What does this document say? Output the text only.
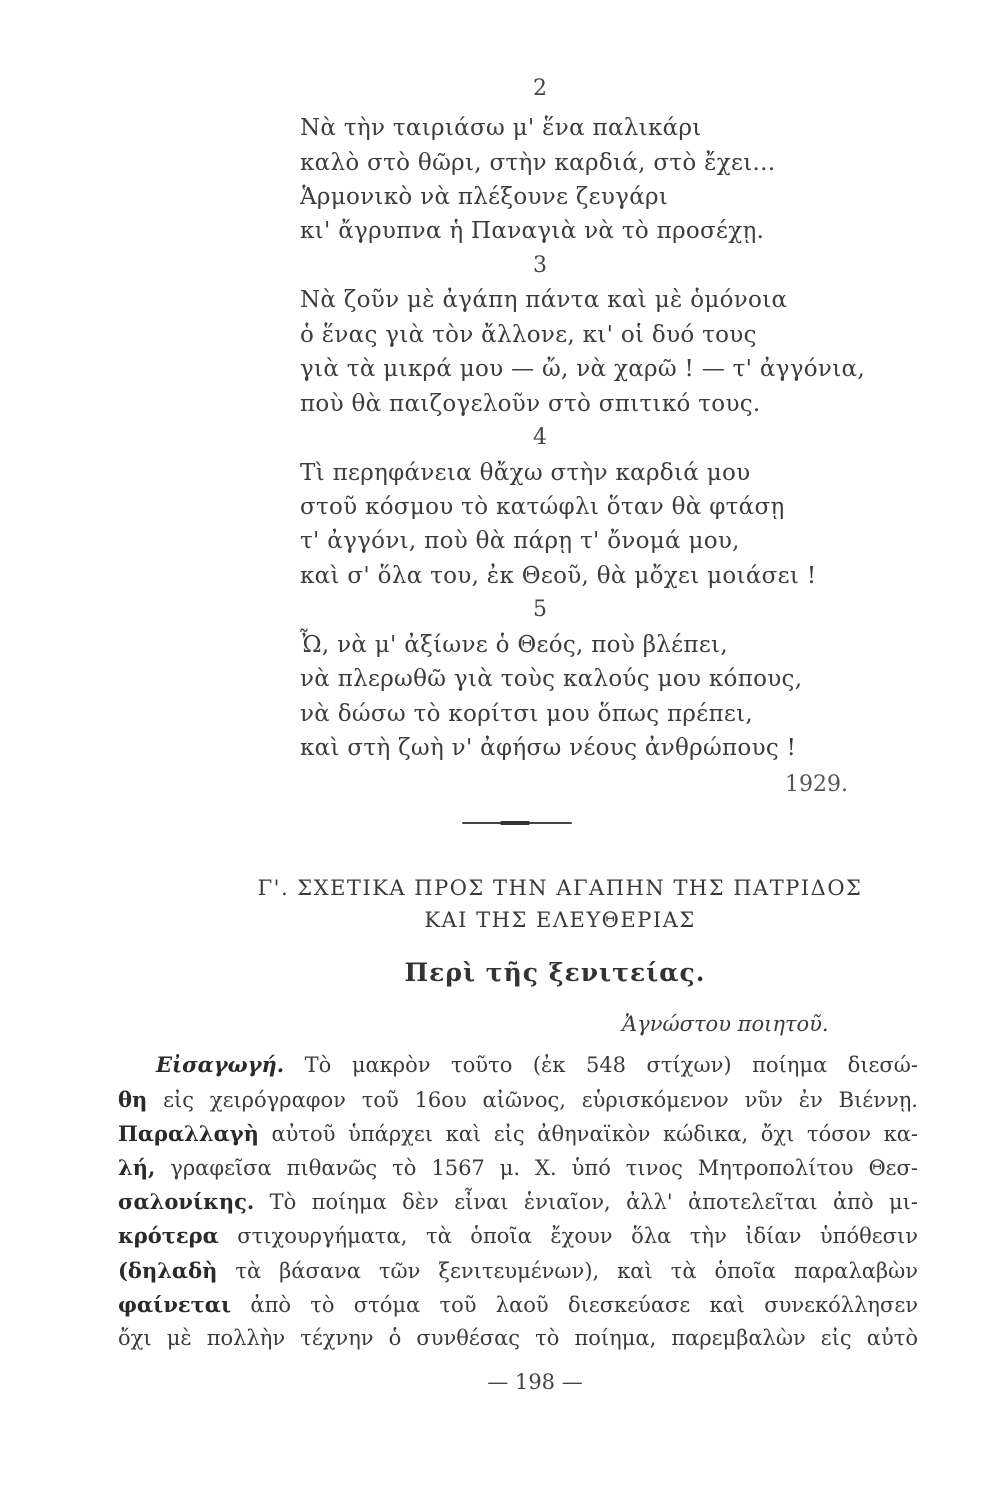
2
Νὰ τὴν ταιριάσω μ' ἕνα παλικάρι
καλὸ στὸ θῶρι, στὴν καρδιά, στὸ ἔχει...
Ἁρμονικὸ νὰ πλέξουνε ζευγάρι
κι' ἄγρυπνα ἡ Παναγιὰ νὰ τὸ προσέχῃ.
3
Νὰ ζοῦν μὲ ἀγάπη πάντα καὶ μὲ ὁμόνοια
ὁ ἕνας γιὰ τὸν ἄλλονε, κι' οἱ δυό τους
γιὰ τὰ μικρά μου — ὤ, νὰ χαρῶ ! — τ' ἀγγόνια,
ποὺ θὰ παιζογελοῦν στὸ σπιτικό τους.
4
Τὶ περηφάνεια θἄχω στὴν καρδιά μου
στοῦ κόσμου τὸ κατώφλι ὅταν θὰ φτάσῃ
τ' ἀγγόνι, ποὺ θὰ πάρῃ τ' ὄνομά μου,
καὶ σ' ὅλα του, ἐκ Θεοῦ, θὰ μὄχει μοιάσει !
5
Ὦ, νὰ μ' ἀξίωνε ὁ Θεός, ποὺ βλέπει,
νὰ πλερωθῶ γιὰ τοὺς καλούς μου κόπους,
νὰ δώσω τὸ κορίτσι μου ὅπως πρέπει,
καὶ στὴ ζωὴ ν' ἀφήσω νέους ἀνθρώπους !
1929.
Γ'. ΣΧΕΤΙΚΑ ΠΡΟΣ ΤΗΝ ΑΓΑΠΗΝ ΤΗΣ ΠΑΤΡΙΔΟΣ
ΚΑΙ ΤΗΣ ΕΛΕΥΘΕΡΙΑΣ
Περὶ τῆς ξενιτείας.
Ἀγνώστου ποιητοῦ.
Εἰσαγωγή. Τὸ μακρὸν τοῦτο (ἐκ 548 στίχων) ποίημα διεσώ-
θη εἰς χειρόγραφον τοῦ 16ου αἰῶνος, εὑρισκόμενον νῦν ἐν Βιέννῃ.
Παραλλαγὴ αὐτοῦ ὑπάρχει καὶ εἰς ἀθηναϊκὸν κώδικα, ὄχι τόσον κα-
λή, γραφεῖσα πιθανῶς τὸ 1567 μ. Χ. ὑπό τινος Μητροπολίτου Θεσ-
σαλονίκης. Τὸ ποίημα δὲν εἶναι ἑνιαῖον, ἀλλ' ἀποτελεῖται ἀπὸ μι-
κρότερα στιχουργήματα, τὰ ὁποῖα ἔχουν ὅλα τὴν ἰδίαν ὑπόθεσιν
(δηλαδὴ τὰ βάσανα τῶν ξενιτευμένων), καὶ τὰ ὁποῖα παραλαβὼν
φαίνεται ἀπὸ τὸ στόμα τοῦ λαοῦ διεσκεύασε καὶ συνεκόλλησεν
ὄχι μὲ πολλὴν τέχνην ὁ συνθέσας τὸ ποίημα, παρεμβαλὼν εἰς αὐτὸ
— 198 —
